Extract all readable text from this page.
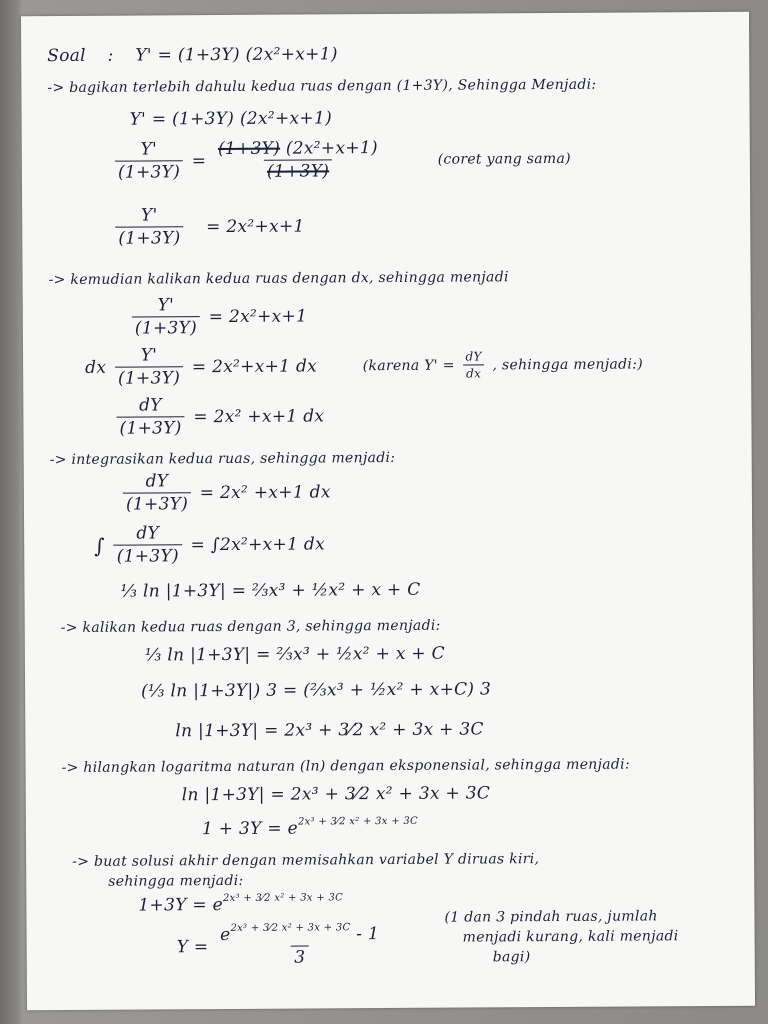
Soal : Y' = (1+3Y) (2x²+x+1)
-> bagikan terlebih dahulu kedua ruas dengan (1+3Y), Sehingga Menjadi:
Y' = (1+3Y) (2x²+x+1)
$\frac{Y'}{(1+3Y)} = \frac{\text{(1+3Y) (2x²+x+1)}}{(1+3Y)}$	(coret yang sama)
$\frac{Y'}{(1+3Y)} = 2x^2+x+1$
-> kemudian kalikan kedua ruas dengan dx, sehingga menjadi
$\frac{Y'}{(1+3Y)} = 2x^2+x+1$
dx $\frac{Y'}{(1+3Y)} = 2x^2+x+1$ dx	(karena $Y' = \frac{dY}{dx}$ , sehingga menjadi:)
$\frac{dY}{(1+3Y)} = 2x^2 +x+1$ dx
-> integrasikan kedua ruas, sehingga menjadi:
$\frac{dY}{(1+3Y)} = 2x^2 +x+1$ dx
∫ $\frac{dY}{(1+3Y)} = \int 2x^2+x+1$ dx
⅓ ln |1+3Y| = ⅔x³ + ½x² + x + C
-> kalikan kedua ruas dengan 3, sehingga menjadi:
⅓ ln |1+3Y| = ⅔x³ + ½x² + x + C
(⅓ ln |1+3Y|) 3 = (⅔x³ + ½x² + x+C) 3
ln |1+3Y| = 2x³ + 3⁄2 x² + 3x + 3C
-> hilangkan logaritma naturan (ln) dengan eksponensial, sehingga menjadi:
ln |1+3Y| = 2x³ + 3⁄2 x² + 3x + 3C
$1 + 3Y = e^{2x^3 + 3⁄2 x^2 + 3x + 3C}$
-> buat solusi akhir dengan memisahkan variabel Y diruas kiri,
sehingga menjadi:
$1+3Y = e^{2x^3 + 3⁄2 x^2 + 3x + 3C}$
$Y = \frac{e^{2x^3 + 3⁄2 x^2 + 3x + 3C} - 1}{3}$
(1 dan 3 pindah ruas, jumlah
menjadi kurang, kali menjadi
bagi)
